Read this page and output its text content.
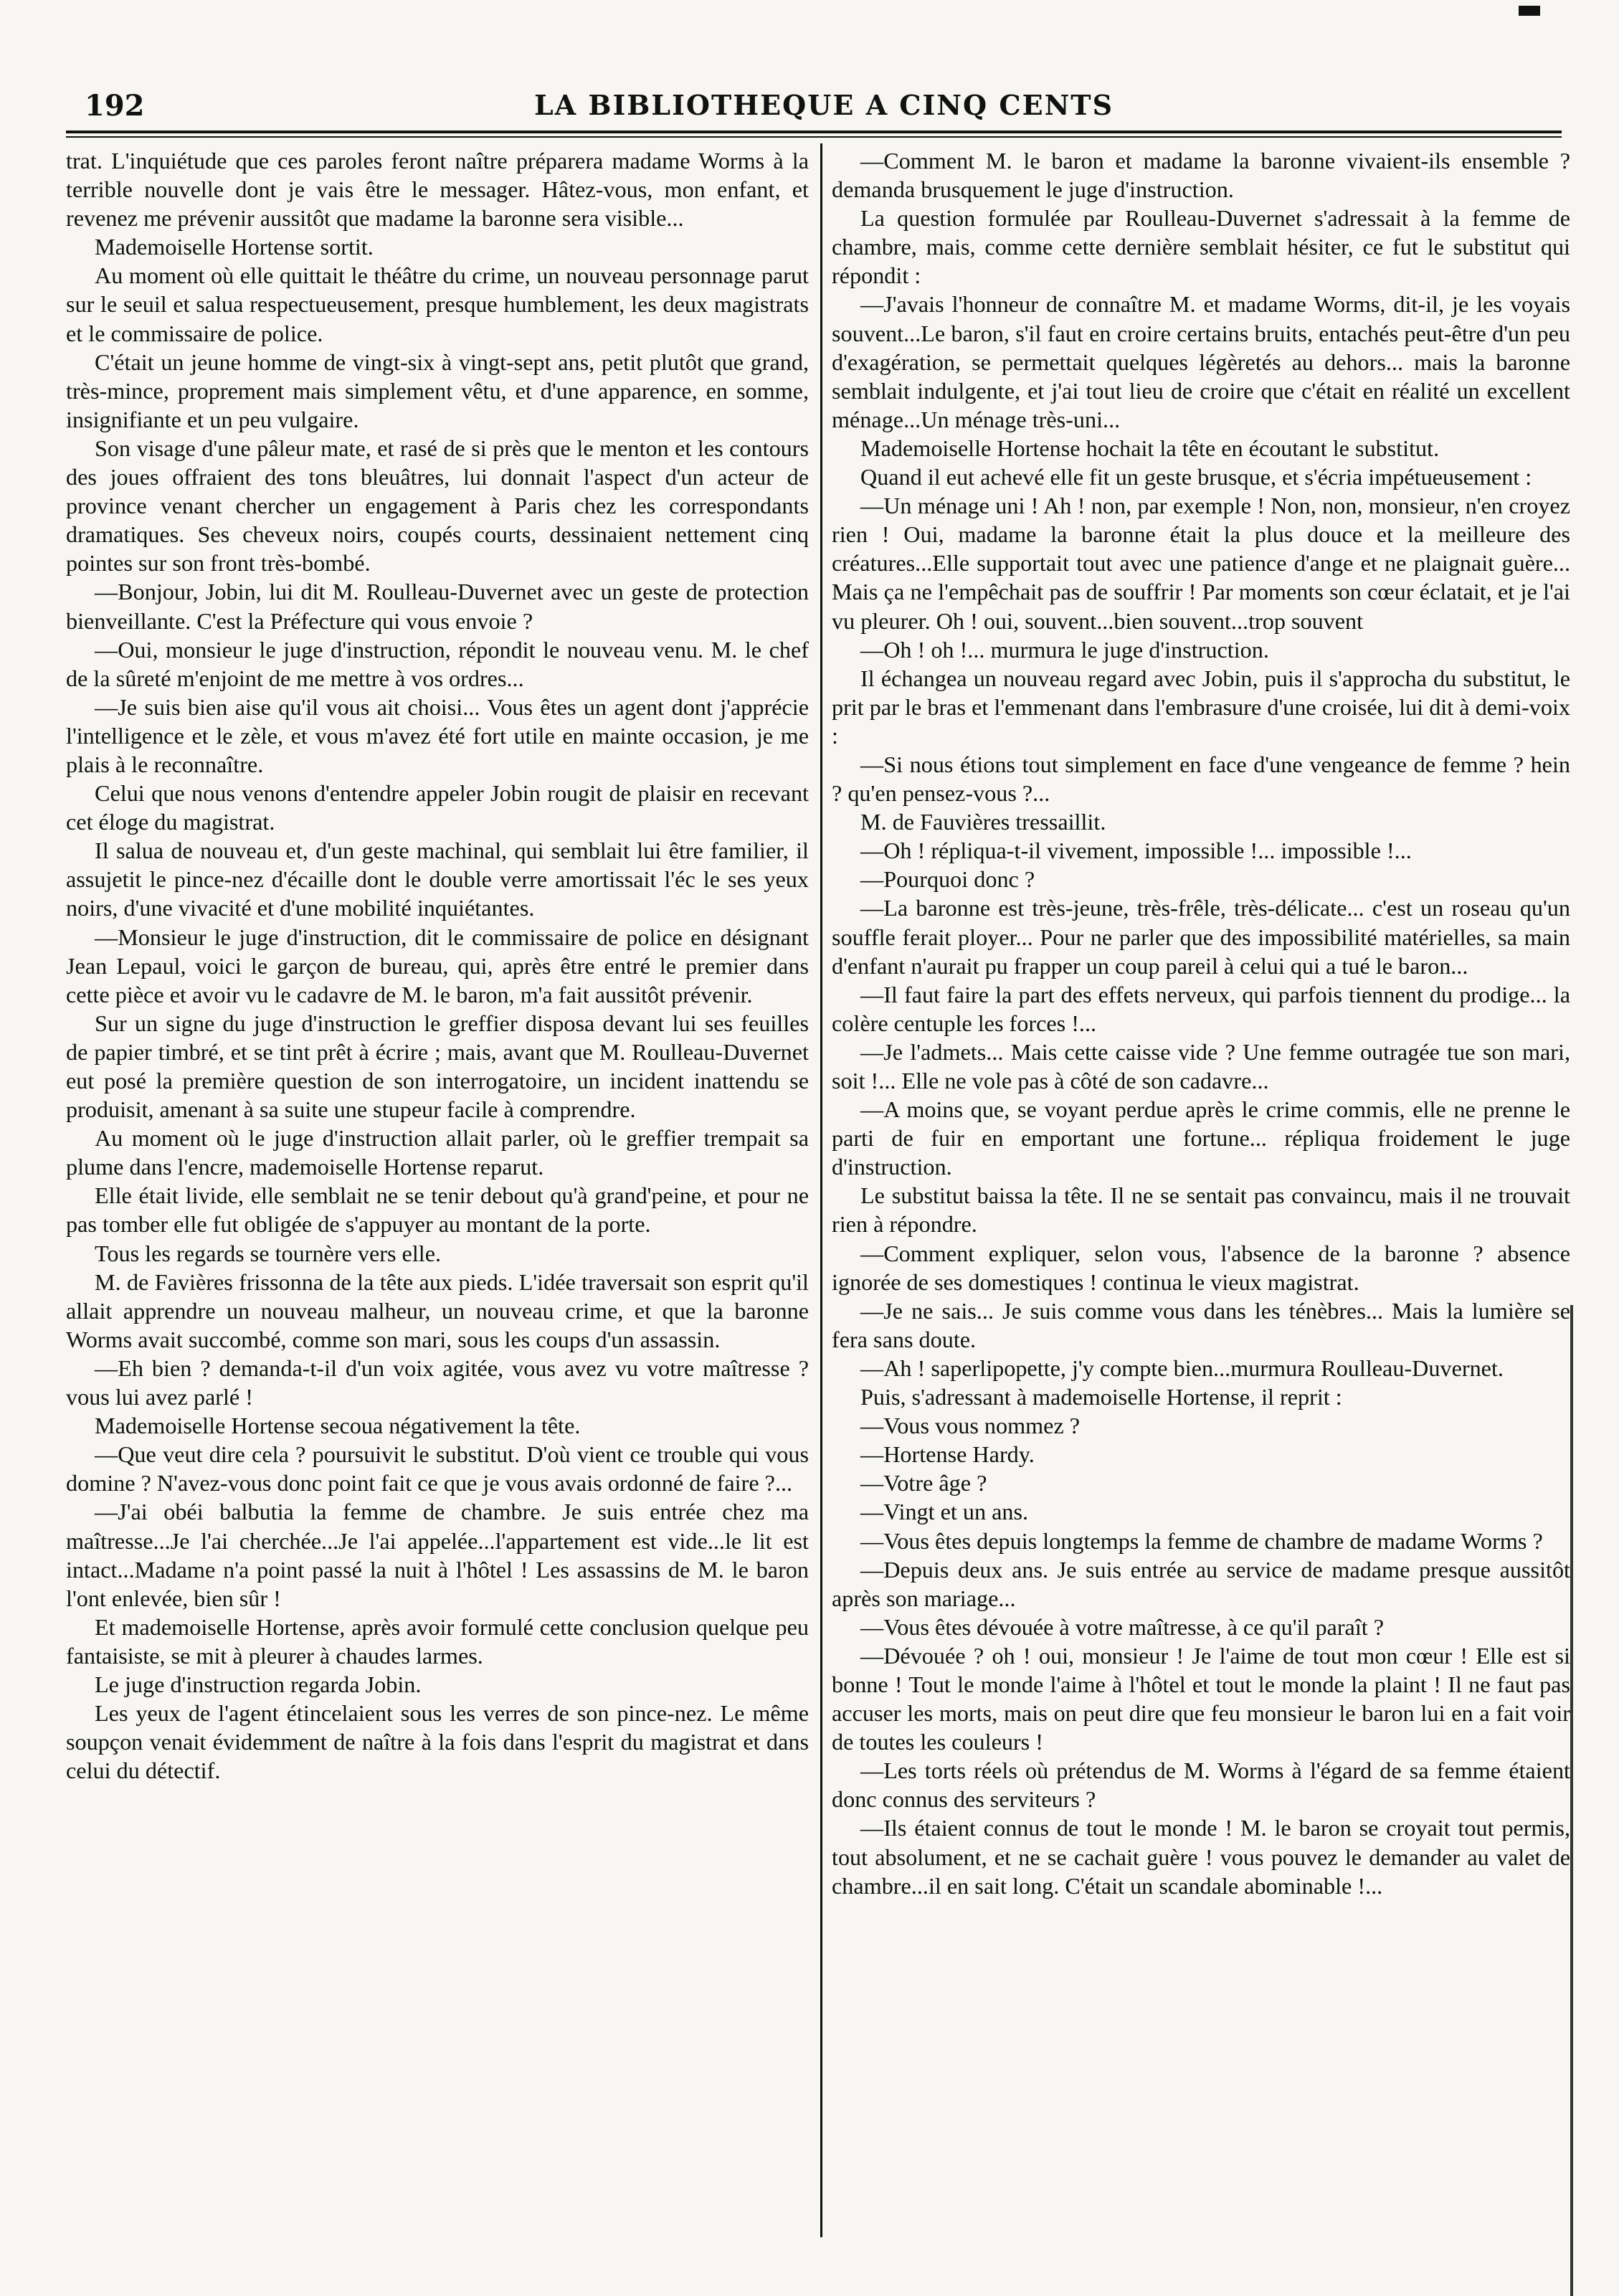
192	LA BIBLIOTHEQUE A CINQ CENTS

trat. L'inquiétude que ces paroles feront naître préparera madame Worms à la terrible nouvelle dont je vais être le messager. Hâtez-vous, mon enfant, et revenez me prévenir aussitôt que madame la baronne sera visible...

Mademoiselle Hortense sortit.

Au moment où elle quittait le théâtre du crime, un nouveau personnage parut sur le seuil et salua respectueusement, presque humblement, les deux magistrats et le commissaire de police.

C'était un jeune homme de vingt-six à vingt-sept ans, petit plutôt que grand, très-mince, proprement mais simplement vêtu, et d'une apparence, en somme, insignifiante et un peu vulgaire.

Son visage d'une pâleur mate, et rasé de si près que le menton et les contours des joues offraient des tons bleuâtres, lui donnait l'aspect d'un acteur de province venant chercher un engagement à Paris chez les correspondants dramatiques. Ses cheveux noirs, coupés courts, dessinaient nettement cinq pointes sur son front très-bombé.

—Bonjour, Jobin, lui dit M. Roulleau-Duvernet avec un geste de protection bienveillante. C'est la Préfecture qui vous envoie ?

—Oui, monsieur le juge d'instruction, répondit le nouveau venu. M. le chef de la sûreté m'enjoint de me mettre à vos ordres...

—Je suis bien aise qu'il vous ait choisi... Vous êtes un agent dont j'apprécie l'intelligence et le zèle, et vous m'avez été fort utile en mainte occasion, je me plais à le reconnaître.

Celui que nous venons d'entendre appeler Jobin rougit de plaisir en recevant cet éloge du magistrat.

Il salua de nouveau et, d'un geste machinal, qui semblait lui être familier, il assujetit le pince-nez d'écaille dont le double verre amortissait l'éc le ses yeux noirs, d'une vivacité et d'une mobilité inquiétantes.

—Monsieur le juge d'instruction, dit le commissaire de police en désignant Jean Lepaul, voici le garçon de bureau, qui, après être entré le premier dans cette pièce et avoir vu le cadavre de M. le baron, m'a fait aussitôt prévenir.

Sur un signe du juge d'instruction le greffier disposa devant lui ses feuilles de papier timbré, et se tint prêt à écrire ; mais, avant que M. Roulleau-Duvernet eut posé la première question de son interrogatoire, un incident inattendu se produisit, amenant à sa suite une stupeur facile à comprendre.

Au moment où le juge d'instruction allait parler, où le greffier trempait sa plume dans l'encre, mademoiselle Hortense reparut.

Elle était livide, elle semblait ne se tenir debout qu'à grand'peine, et pour ne pas tomber elle fut obligée de s'appuyer au montant de la porte.

Tous les regards se tournère vers elle.

M. de Favières frissonna de la tête aux pieds. L'idée traversait son esprit qu'il allait apprendre un nouveau malheur, un nouveau crime, et que la baronne Worms avait succombé, comme son mari, sous les coups d'un assassin.

—Eh bien ? demanda-t-il d'un voix agitée, vous avez vu votre maîtresse ? vous lui avez parlé !

Mademoiselle Hortense secoua négativement la tête.

—Que veut dire cela ? poursuivit le substitut. D'où vient ce trouble qui vous domine ? N'avez-vous donc point fait ce que je vous avais ordonné de faire ?...

—J'ai obéi balbutia la femme de chambre. Je suis entrée chez ma maîtresse...Je l'ai cherchée...Je l'ai appelée...l'appartement est vide...le lit est intact...Madame n'a point passé la nuit à l'hôtel ! Les assassins de M. le baron l'ont enlevée, bien sûr !

Et mademoiselle Hortense, après avoir formulé cette conclusion quelque peu fantaisiste, se mit à pleurer à chaudes larmes.

Le juge d'instruction regarda Jobin.

Les yeux de l'agent étincelaient sous les verres de son pince-nez. Le même soupçon venait évidemment de naître à la fois dans l'esprit du magistrat et dans celui du détectif.

—Comment M. le baron et madame la baronne vivaient-ils ensemble ? demanda brusquement le juge d'instruction.

La question formulée par Roulleau-Duvernet s'adressait à la femme de chambre, mais, comme cette dernière semblait hésiter, ce fut le substitut qui répondit :

—J'avais l'honneur de connaître M. et madame Worms, dit-il, je les voyais souvent...Le baron, s'il faut en croire certains bruits, entachés peut-être d'un peu d'exagération, se permettait quelques légèretés au dehors... mais la baronne semblait indulgente, et j'ai tout lieu de croire que c'était en réalité un excellent ménage...Un ménage très-uni...

Mademoiselle Hortense hochait la tête en écoutant le substitut.

Quand il eut achevé elle fit un geste brusque, et s'écria impétueusement :

—Un ménage uni ! Ah ! non, par exemple ! Non, non, monsieur, n'en croyez rien ! Oui, madame la baronne était la plus douce et la meilleure des créatures...Elle supportait tout avec une patience d'ange et ne plaignait guère... Mais ça ne l'empêchait pas de souffrir ! Par moments son cœur éclatait, et je l'ai vu pleurer. Oh ! oui, souvent...bien souvent...trop souvent

—Oh ! oh !... murmura le juge d'instruction.

Il échangea un nouveau regard avec Jobin, puis il s'approcha du substitut, le prit par le bras et l'emmenant dans l'embrasure d'une croisée, lui dit à demi-voix :

—Si nous étions tout simplement en face d'une vengeance de femme ? hein ? qu'en pensez-vous ?...

M. de Fauvières tressaillit.

—Oh ! répliqua-t-il vivement, impossible !... impossible !...

—Pourquoi donc ?

—La baronne est très-jeune, très-frêle, très-délicate... c'est un roseau qu'un souffle ferait ployer... Pour ne parler que des impossibilité matérielles, sa main d'enfant n'aurait pu frapper un coup pareil à celui qui a tué le baron...

—Il faut faire la part des effets nerveux, qui parfois tiennent du prodige... la colère centuple les forces !...

—Je l'admets... Mais cette caisse vide ? Une femme outragée tue son mari, soit !... Elle ne vole pas à côté de son cadavre...

—A moins que, se voyant perdue après le crime commis, elle ne prenne le parti de fuir en emportant une fortune... répliqua froidement le juge d'instruction.

Le substitut baissa la tête. Il ne se sentait pas convaincu, mais il ne trouvait rien à répondre.

—Comment expliquer, selon vous, l'absence de la baronne ? absence ignorée de ses domestiques ! continua le vieux magistrat.

—Je ne sais... Je suis comme vous dans les ténèbres... Mais la lumière se fera sans doute.

—Ah ! saperlipopette, j'y compte bien...murmura Roulleau-Duvernet.

Puis, s'adressant à mademoiselle Hortense, il reprit :

—Vous vous nommez ?

—Hortense Hardy.

—Votre âge ?

—Vingt et un ans.

—Vous êtes depuis longtemps la femme de chambre de madame Worms ?

—Depuis deux ans. Je suis entrée au service de madame presque aussitôt après son mariage...

—Vous êtes dévouée à votre maîtresse, à ce qu'il paraît ?

—Dévouée ? oh ! oui, monsieur ! Je l'aime de tout mon cœur ! Elle est si bonne ! Tout le monde l'aime à l'hôtel et tout le monde la plaint ! Il ne faut pas accuser les morts, mais on peut dire que feu monsieur le baron lui en a fait voir de toutes les couleurs !

—Les torts réels où prétendus de M. Worms à l'égard de sa femme étaient donc connus des serviteurs ?

—Ils étaient connus de tout le monde ! M. le baron se croyait tout permis, tout absolument, et ne se cachait guère ! vous pouvez le demander au valet de chambre...il en sait long. C'était un scandale abominable !...
